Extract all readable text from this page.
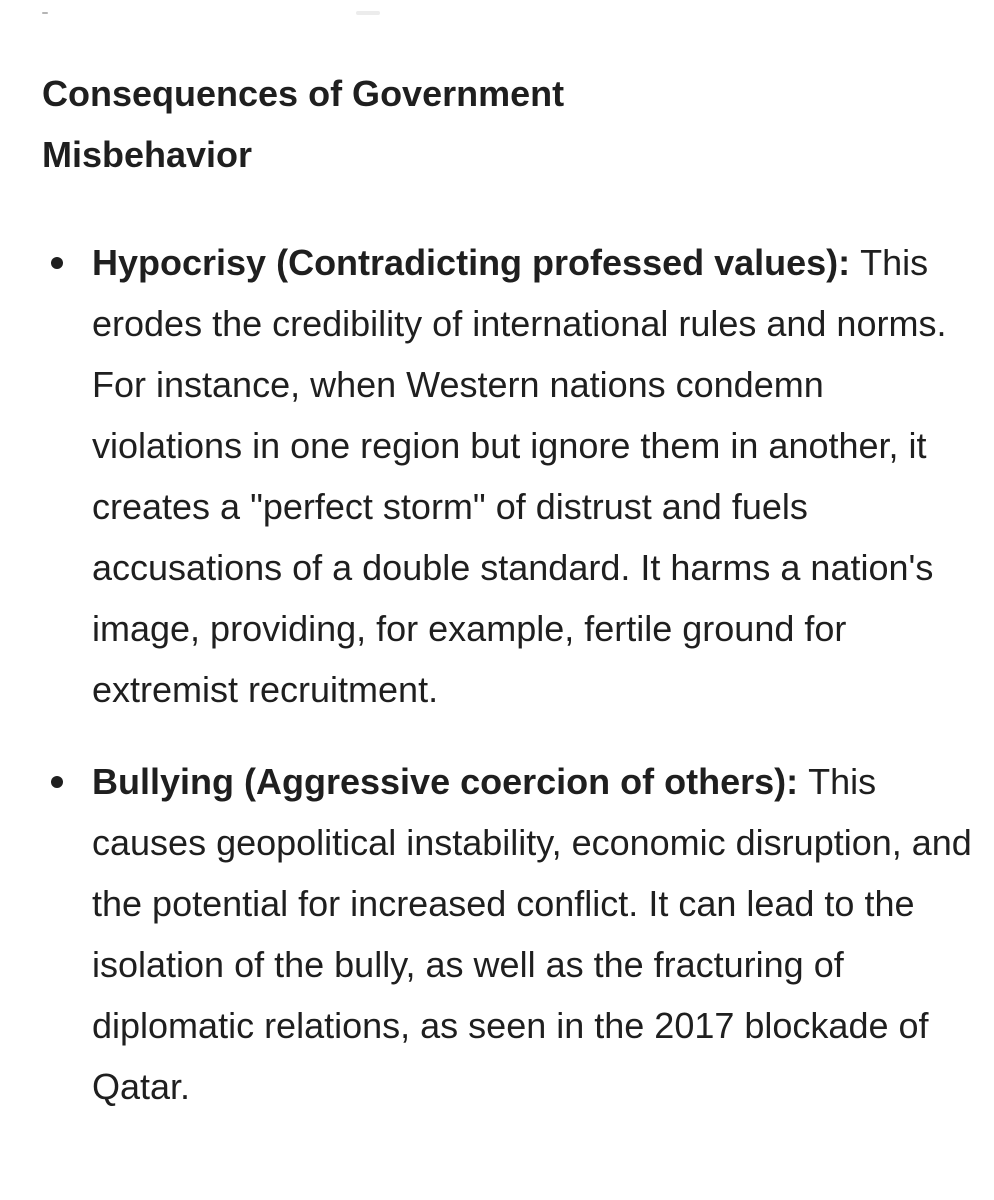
Consequences of Government Misbehavior
Hypocrisy (Contradicting professed values): This erodes the credibility of international rules and norms. For instance, when Western nations condemn violations in one region but ignore them in another, it creates a "perfect storm" of distrust and fuels accusations of a double standard. It harms a nation's image, providing, for example, fertile ground for extremist recruitment.
Bullying (Aggressive coercion of others): This causes geopolitical instability, economic disruption, and the potential for increased conflict. It can lead to the isolation of the bully, as well as the fracturing of diplomatic relations, as seen in the 2017 blockade of Qatar.
